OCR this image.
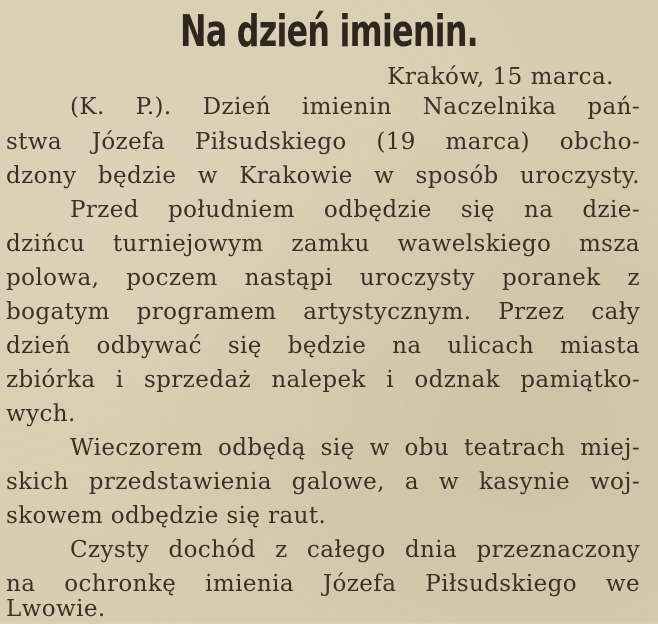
Na dzień imienin.
Kraków, 15 marca.
(K. P.). Dzień imienin Naczelnika pań-
stwa Józefa Piłsudskiego (19 marca) obcho-
dzony będzie w Krakowie w sposób uroczysty.
Przed południem odbędzie się na dzie-
dzińcu turniejowym zamku wawelskiego msza
polowa, poczem nastąpi uroczysty poranek z
bogatym programem artystycznym. Przez cały
dzień odbywać się będzie na ulicach miasta
zbiórka i sprzedaż nalepek i odznak pamiątko-
wych.
Wieczorem odbędą się w obu teatrach miej-
skich przedstawienia galowe, a w kasynie woj-
skowem odbędzie się raut.
Czysty dochód z całego dnia przeznaczony
na ochronkę imienia Józefa Piłsudskiego we
Lwowie.
